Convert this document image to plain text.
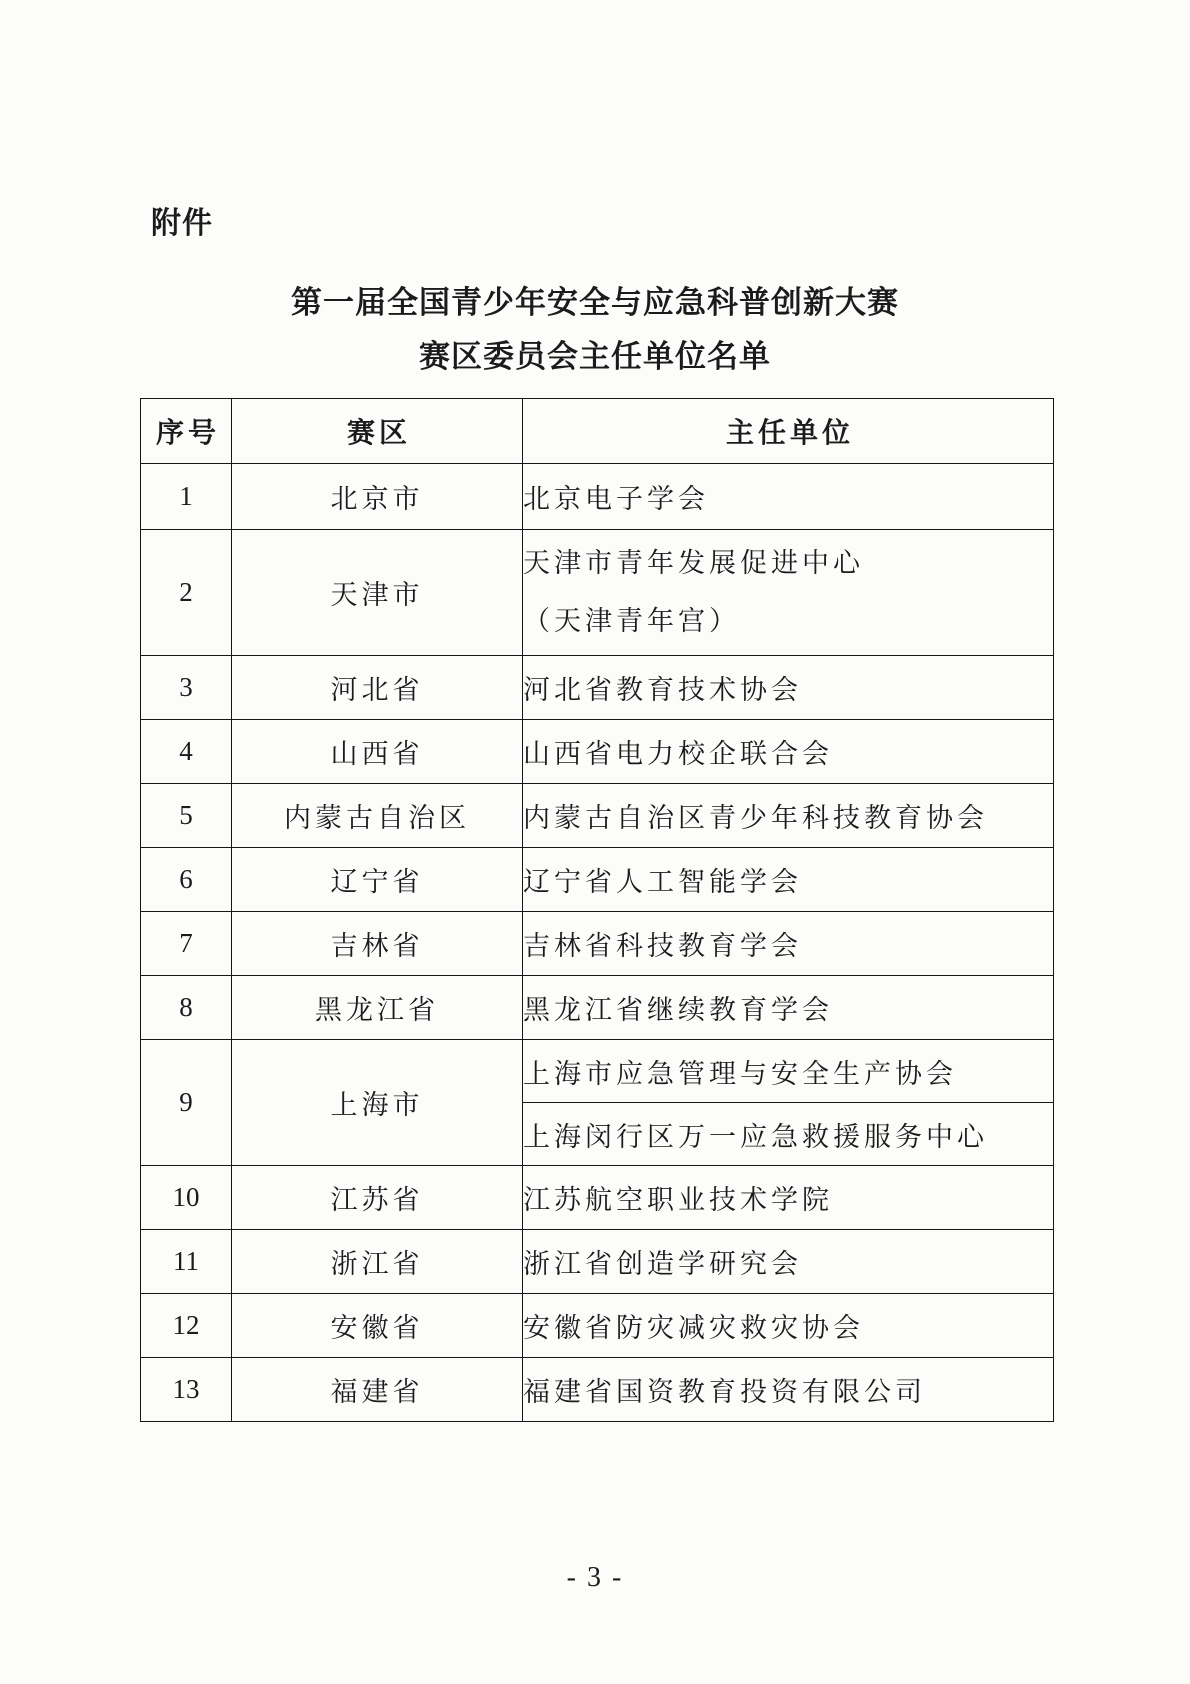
附件
第一届全国青少年安全与应急科普创新大赛
赛区委员会主任单位名单
序号	赛区	主任单位
1	北京市	北京电子学会
2	天津市	天津市青年发展促进中心
（天津青年宫）
3	河北省	河北省教育技术协会
4	山西省	山西省电力校企联合会
5	内蒙古自治区	内蒙古自治区青少年科技教育协会
6	辽宁省	辽宁省人工智能学会
7	吉林省	吉林省科技教育学会
8	黑龙江省	黑龙江省继续教育学会
9	上海市	上海市应急管理与安全生产协会
		上海闵行区万一应急救援服务中心
10	江苏省	江苏航空职业技术学院
11	浙江省	浙江省创造学研究会
12	安徽省	安徽省防灾减灾救灾协会
13	福建省	福建省国资教育投资有限公司
- 3 -
